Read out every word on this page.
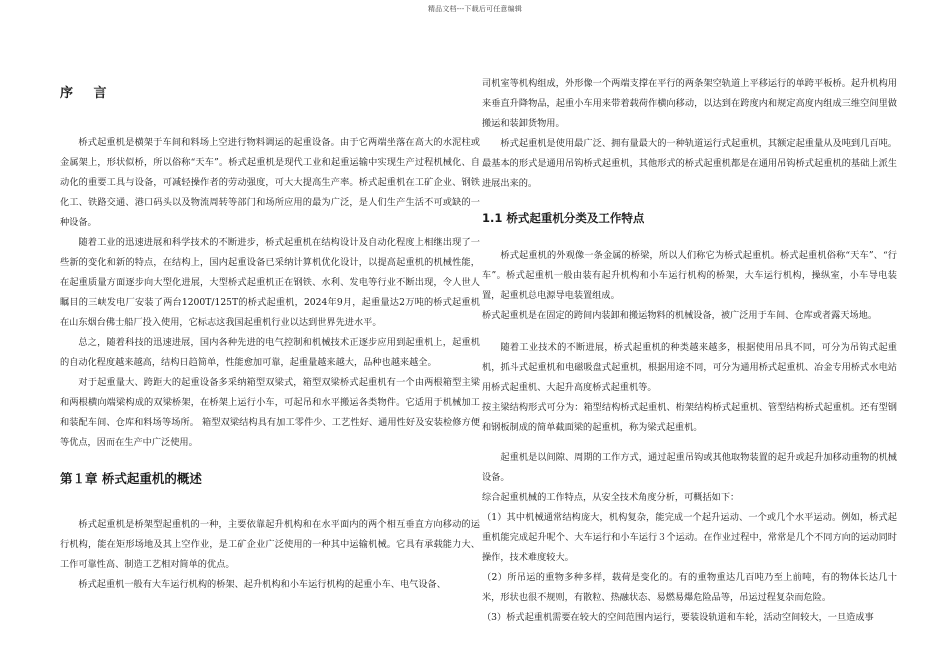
精品文档---下载后可任意编辑
序 言

桥式起重机是横架于车间和料场上空进行物料调运的起重设备。由于它两端坐落在高大的水泥柱或金属架上，形状似桥，所以俗称“天车”。桥式起重机是现代工业和起重运输中实现生产过程机械化、自动化的重要工具与设备，可减轻操作者的劳动强度，可大大提高生产率。桥式起重机在工矿企业、钢铁化工、铁路交通、港口码头以及物流周转等部门和场所应用的最为广泛，是人们生产生活不可或缺的一种设备。

随着工业的迅速进展和科学技术的不断进步，桥式起重机在结构设计及自动化程度上相继出现了一些新的变化和新的特点，在结构上，国内起重设备已采纳计算机优化设计，以提高起重机的机械性能，在起重质量方面逐步向大型化进展，大型桥式起重机正在钢铁、水利、发电等行业不断出现，令人世人瞩目的三峡发电厂安装了两台1200T/125T的桥式起重机，2024年9月，起重量达2万吨的桥式起重机在山东烟台佛士船厂投入使用，它标志这我国起重机行业以达到世界先进水平。

总之，随着科技的迅速进展，国内各种先进的电气控制和机械技术正逐步应用到起重机上，起重机的自动化程度越来越高，结构日趋简单，性能愈加可靠，起重量越来越大，品种也越来越全。

对于起重量大、跨距大的起重设备多采纳箱型双梁式，箱型双梁桥式起重机有一个由两根箱型主梁和两根横向端梁构成的双梁桥架，在桥架上运行小车，可起吊和水平搬运各类物件。它适用于机械加工和装配车间、仓库和料场等场所。 箱型双梁结构具有加工零件少、工艺性好、通用性好及安装检修方便等优点，因而在生产中广泛使用。

第１章 桥式起重机的概述

桥式起重机是桥架型起重机的一种，主要依靠起升机构和在水平面内的两个相互垂直方向移动的运行机构，能在矩形场地及其上空作业，是工矿企业广泛使用的一种其中运输机械。它具有承载能力大、工作可靠性高、制造工艺相对简单的优点。

桥式起重机一般有大车运行机构的桥架、起升机构和小车运行机构的起重小车、电气设备、

司机室等机构组成，外形像一个两端支撑在平行的两条架空轨道上平移运行的单跨平板桥。起升机构用来垂直升降物品，起重小车用来带着载荷作横向移动，以达到在跨度内和规定高度内组成三维空间里做搬运和装卸货物用。

桥式起重机是使用最广泛、拥有量最大的一种轨道运行式起重机，其额定起重量从及吨到几百吨。最基本的形式是通用吊钩桥式起重机，其他形式的桥式起重机都是在通用吊钩桥式起重机的基础上派生进展出来的。

1.1 桥式起重机分类及工作特点

桥式起重机的外观像一条金属的桥梁，所以人们称它为桥式起重机。桥式起重机俗称“天车”、“行车”。桥式起重机一般由装有起升机构和小车运行机构的桥架，大车运行机构，操纵室，小车导电装置，起重机总电源导电装置组成。

桥式起重机是在固定的跨间内装卸和搬运物料的机械设备，被广泛用于车间、仓库或者露天场地。

随着工业技术的不断进展，桥式起重机的种类越来越多，根据使用吊具不同，可分为吊钩式起重机，抓斗式起重机和电磁吸盘式起重机，根据用途不同，可分为通用桥式起重机、冶金专用桥式水电站用桥式起重机、大起升高度桥式起重机等。

按主梁结构形式可分为：箱型结构桥式起重机、桁架结构桥式起重机、管型结构桥式起重机。还有型钢和钢板制成的简单截面梁的起重机，称为梁式起重机。

起重机是以间隙、周期的工作方式，通过起重吊钩或其他取物装置的起升或起升加移动重物的机械设备。

综合起重机械的工作特点，从安全技术角度分析，可概括如下：

（1）其中机械通常结构庞大，机构复杂，能完成一个起升运动、一个或几个水平运动。例如，桥式起重机能完成起升呢个、大车运行和小车运行３个运动。在作业过程中，常常是几个不同方向的运动同时操作，技术难度较大。

（2）所吊运的重物多种多样，载荷是变化的。有的重物重达几百吨乃至上前吨，有的物体长达几十米，形状也很不规则，有散粒、热融状态、易燃易爆危险品等，吊运过程复杂而危险。

（3）桥式起重机需要在较大的空间范围内运行，要装设轨道和车轮，活动空间较大，一旦造成事
